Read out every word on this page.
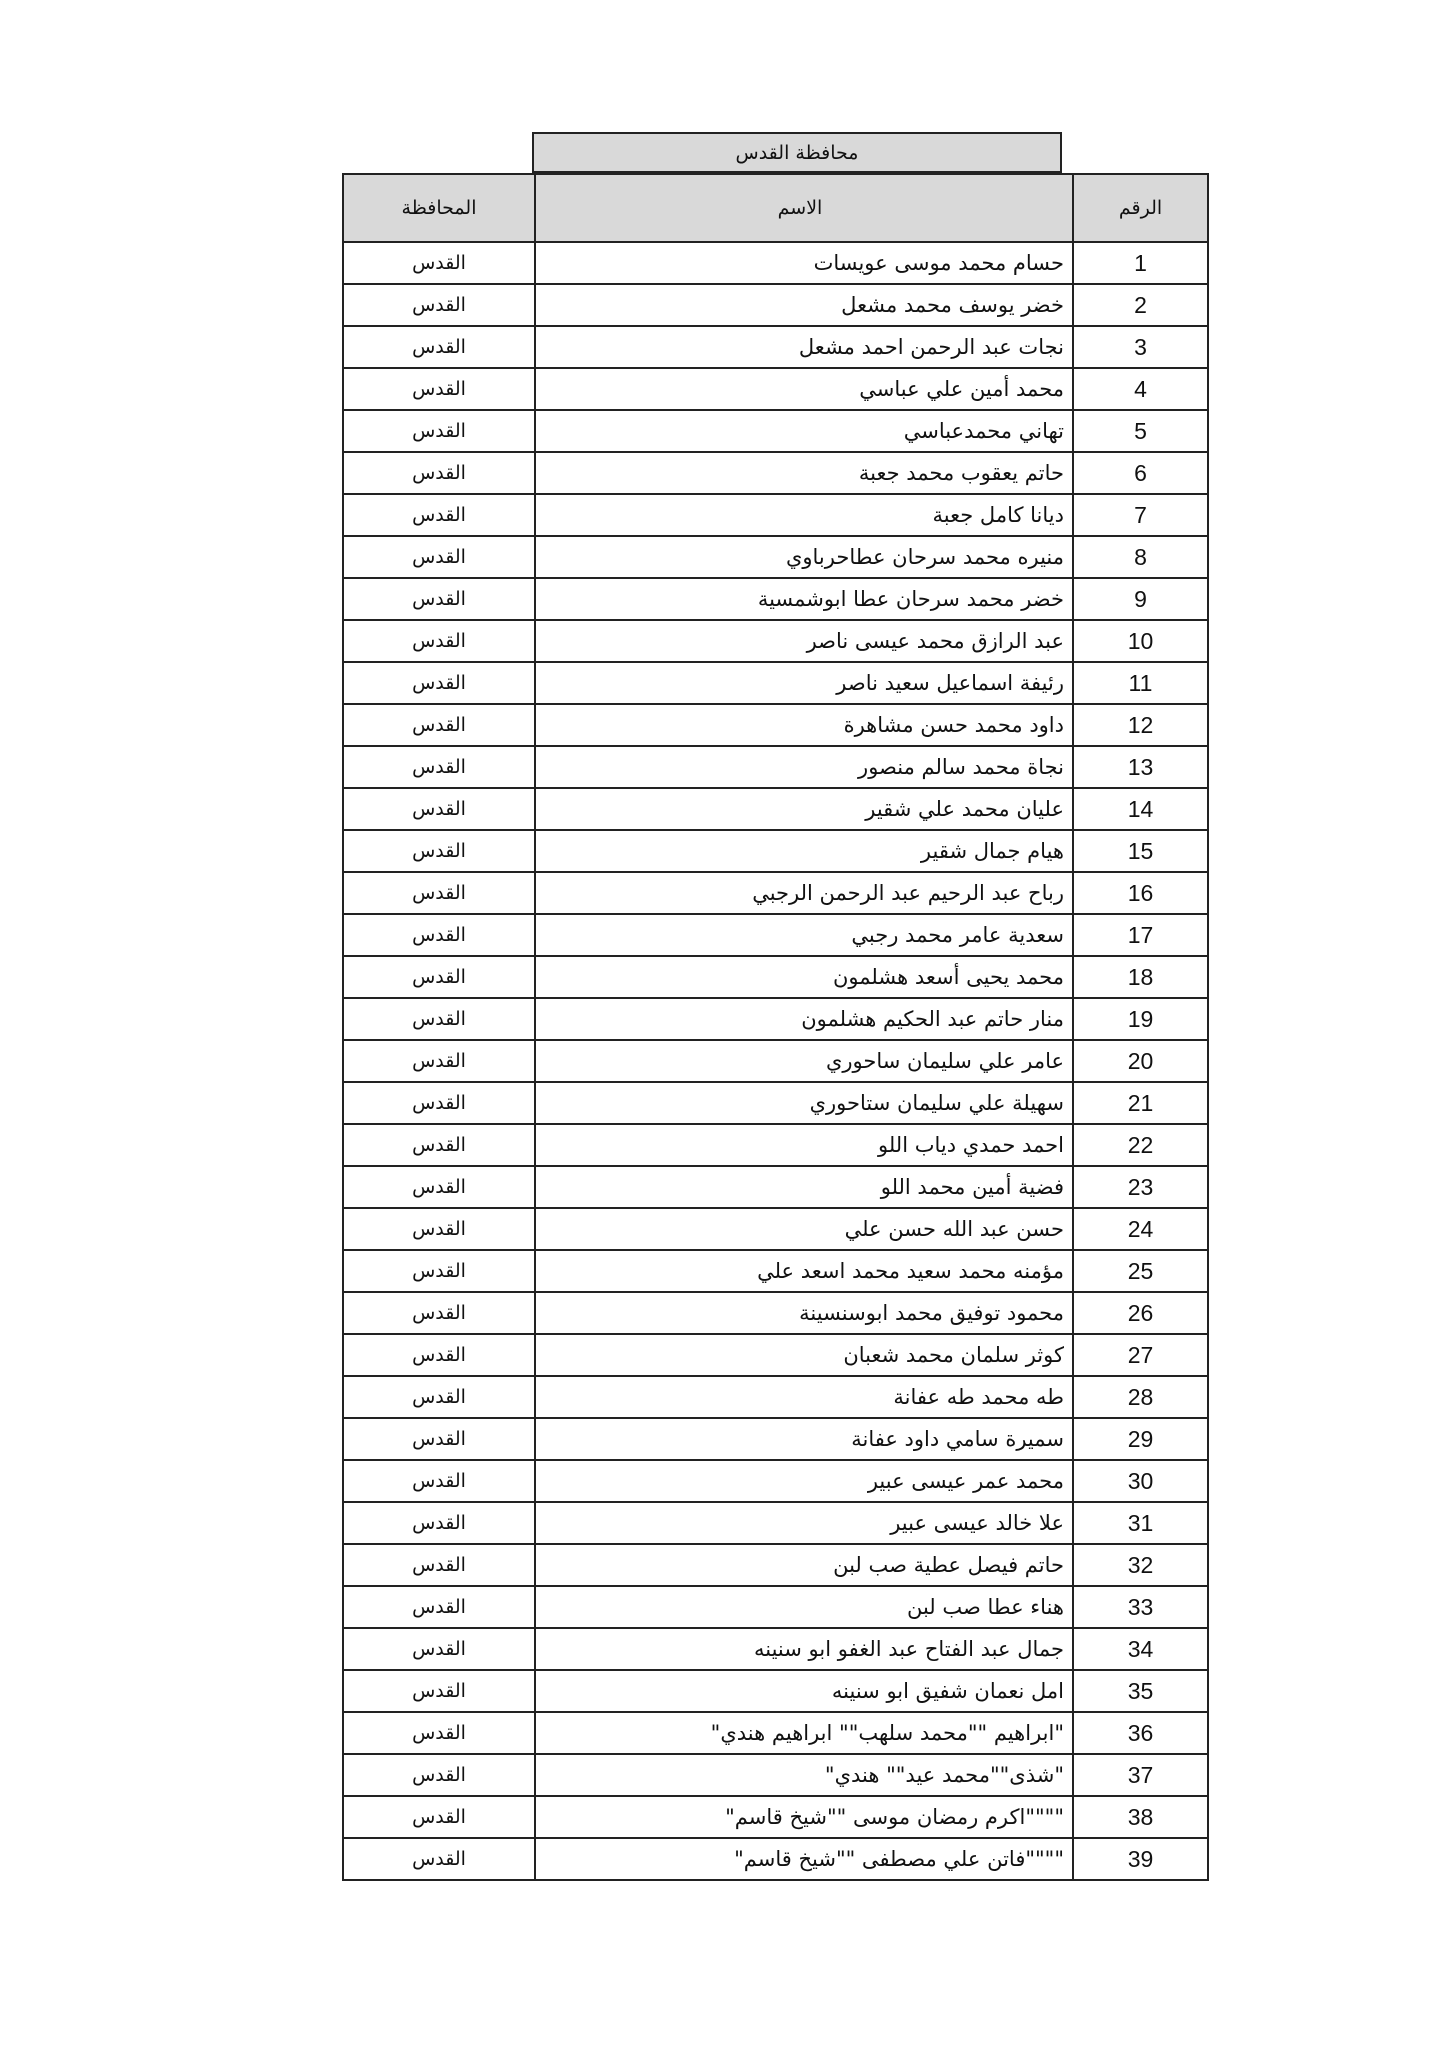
محافظة القدس
المحافظة	الاسم	الرقم
القدس	حسام محمد موسى عويسات	1
القدس	خضر يوسف محمد مشعل	2
القدس	نجات عبد الرحمن احمد مشعل	3
القدس	محمد أمين علي عباسي	4
القدس	تهاني محمدعباسي	5
القدس	حاتم يعقوب محمد جعبة	6
القدس	ديانا كامل جعبة	7
القدس	منيره محمد سرحان عطاحرباوي	8
القدس	خضر محمد سرحان عطا ابوشمسية	9
القدس	عبد الرازق محمد عيسى ناصر	10
القدس	رئيفة اسماعيل سعيد ناصر	11
القدس	داود محمد حسن مشاهرة	12
القدس	نجاة محمد سالم منصور	13
القدس	عليان محمد علي شقير	14
القدس	هيام جمال شقير	15
القدس	رباح عبد الرحيم عبد الرحمن الرجبي	16
القدس	سعدية عامر محمد رجبي	17
القدس	محمد يحيى أسعد هشلمون	18
القدس	منار حاتم عبد الحكيم هشلمون	19
القدس	عامر علي سليمان ساحوري	20
القدس	سهيلة علي سليمان ستاحوري	21
القدس	احمد حمدي دياب اللو	22
القدس	فضية أمين محمد اللو	23
القدس	حسن عبد الله حسن علي	24
القدس	مؤمنه محمد سعيد محمد اسعد علي	25
القدس	محمود توفيق محمد ابوسنسينة	26
القدس	كوثر سلمان محمد شعبان	27
القدس	طه محمد طه عفانة	28
القدس	سميرة سامي داود عفانة	29
القدس	محمد عمر عيسى عبير	30
القدس	علا خالد عيسى عبير	31
القدس	حاتم فيصل عطية صب لبن	32
القدس	هناء عطا صب لبن	33
القدس	جمال عبد الفتاح عبد الغفو ابو سنينه	34
القدس	امل نعمان شفيق ابو سنينه	35
القدس	"ابراهيم ""محمد سلهب"" ابراهيم هندي"	36
القدس	"شذى""محمد عيد"" هندي"	37
القدس	""""اكرم رمضان موسى ""شيخ قاسم"	38
القدس	""""فاتن علي مصطفى ""شيخ قاسم"	39
